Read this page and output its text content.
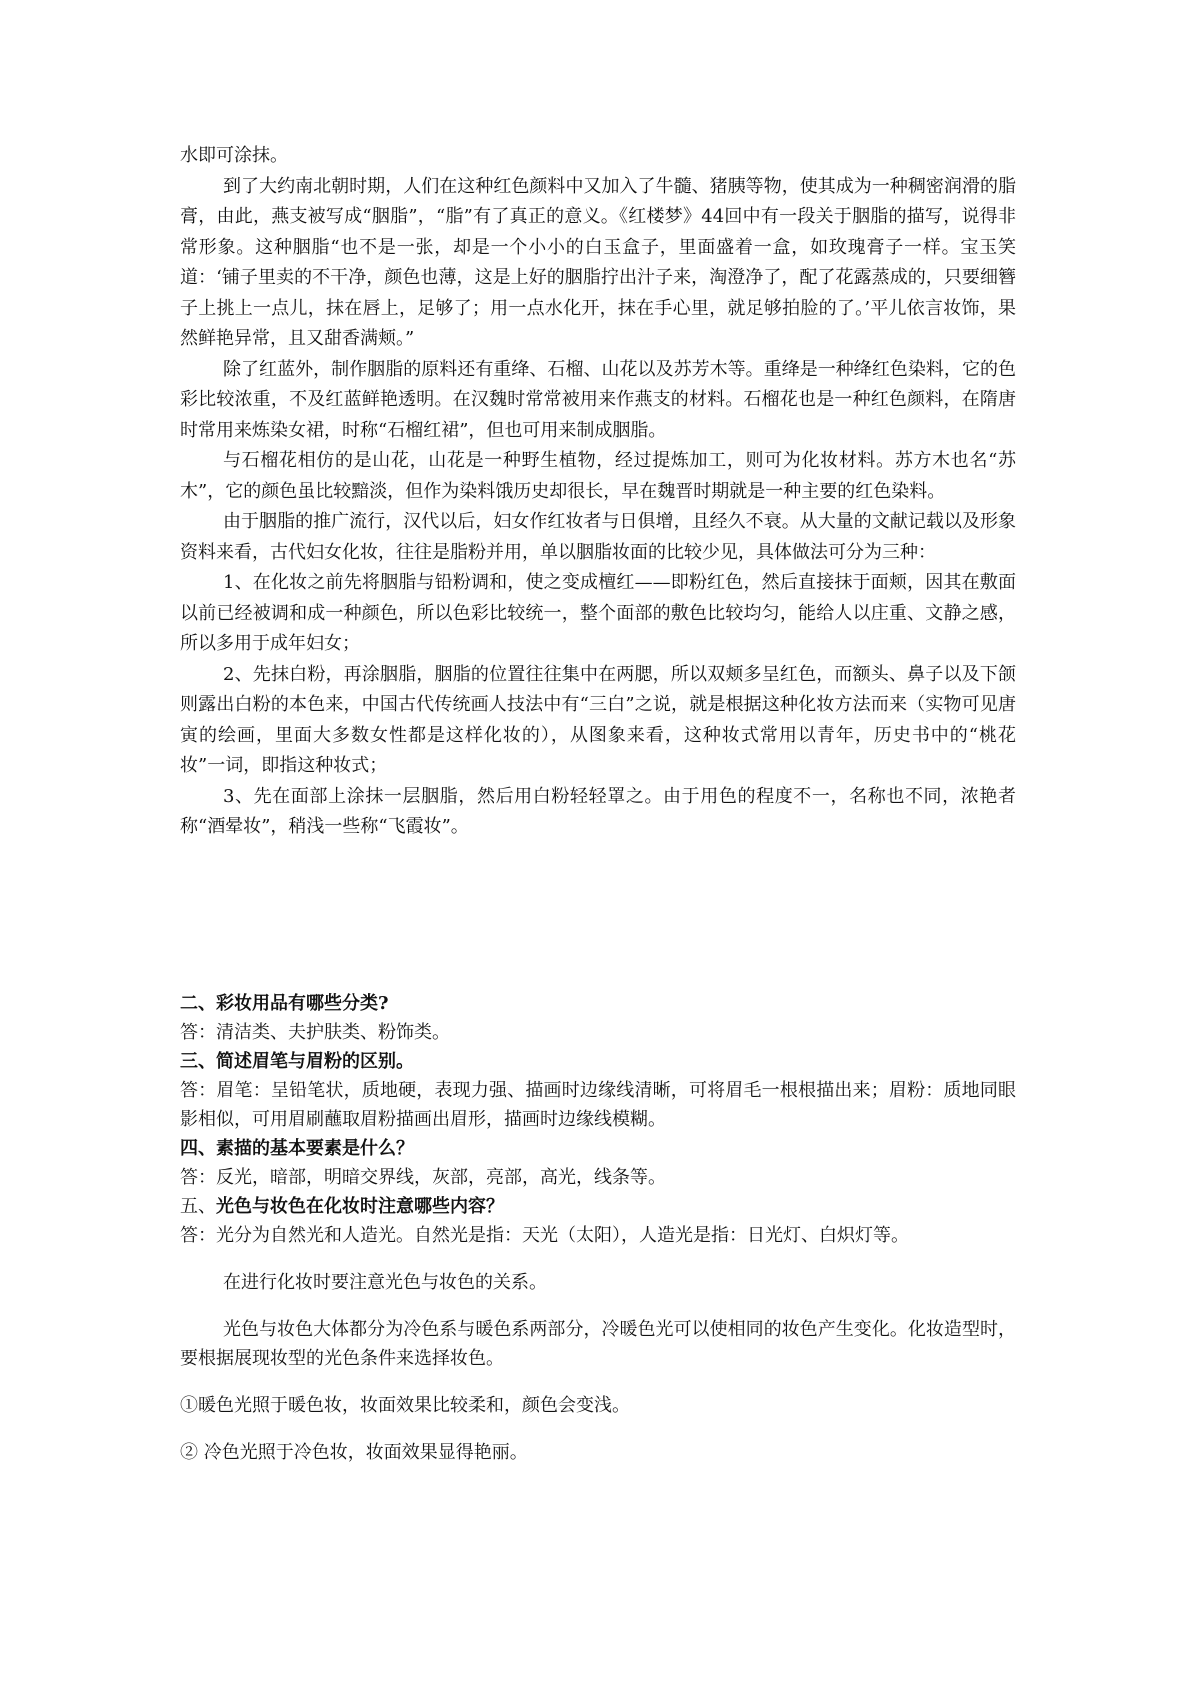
水即可涂抹。

到了大约南北朝时期，人们在这种红色颜料中又加入了牛髓、猪胰等物，使其成为一种稠密润滑的脂膏，由此，燕支被写成“胭脂”，“脂”有了真正的意义。《红楼梦》44回中有一段关于胭脂的描写，说得非常形象。这种胭脂“也不是一张，却是一个小小的白玉盒子，里面盛着一盒，如玫瑰膏子一样。宝玉笑道：‘铺子里卖的不干净，颜色也薄，这是上好的胭脂拧出汁子来，淘澄净了，配了花露蒸成的，只要细簪子上挑上一点儿，抹在唇上，足够了；用一点水化开，抹在手心里，就足够拍脸的了。’平儿依言妆饰，果然鲜艳异常，且又甜香满颊。”

除了红蓝外，制作胭脂的原料还有重绛、石榴、山花以及苏芳木等。重绛是一种绛红色染料，它的色彩比较浓重，不及红蓝鲜艳透明。在汉魏时常常被用来作燕支的材料。石榴花也是一种红色颜料，在隋唐时常用来炼染女裙，时称“石榴红裙”，但也可用来制成胭脂。

与石榴花相仿的是山花，山花是一种野生植物，经过提炼加工，则可为化妆材料。苏方木也名“苏木”，它的颜色虽比较黯淡，但作为染料饿历史却很长，早在魏晋时期就是一种主要的红色染料。

由于胭脂的推广流行，汉代以后，妇女作红妆者与日俱增，且经久不衰。从大量的文献记载以及形象资料来看，古代妇女化妆，往往是脂粉并用，单以胭脂妆面的比较少见，具体做法可分为三种：

1、在化妆之前先将胭脂与铅粉调和，使之变成檀红——即粉红色，然后直接抹于面颊，因其在敷面以前已经被调和成一种颜色，所以色彩比较统一，整个面部的敷色比较均匀，能给人以庄重、文静之感，所以多用于成年妇女；

2、先抹白粉，再涂胭脂，胭脂的位置往往集中在两腮，所以双颊多呈红色，而额头、鼻子以及下颌则露出白粉的本色来，中国古代传统画人技法中有“三白”之说，就是根据这种化妆方法而来（实物可见唐寅的绘画，里面大多数女性都是这样化妆的），从图象来看，这种妆式常用以青年，历史书中的“桃花妆”一词，即指这种妆式；

3、先在面部上涂抹一层胭脂，然后用白粉轻轻罩之。由于用色的程度不一，名称也不同，浓艳者称“酒晕妆”，稍浅一些称“飞霞妆”。

二、彩妆用品有哪些分类?

答：清洁类、夫护肤类、粉饰类。

三、简述眉笔与眉粉的区别。

答：眉笔：呈铅笔状，质地硬，表现力强、描画时边缘线清晰，可将眉毛一根根描出来；眉粉：质地同眼影相似，可用眉刷蘸取眉粉描画出眉形，描画时边缘线模糊。

四、素描的基本要素是什么？

答：反光，暗部，明暗交界线，灰部，亮部，高光，线条等。

五、光色与妆色在化妆时注意哪些内容？

答：光分为自然光和人造光。自然光是指：天光（太阳），人造光是指：日光灯、白炽灯等。

在进行化妆时要注意光色与妆色的关系。

光色与妆色大体都分为冷色系与暖色系两部分，冷暖色光可以使相同的妆色产生变化。化妆造型时，要根据展现妆型的光色条件来选择妆色。

①暖色光照于暖色妆，妆面效果比较柔和，颜色会变浅。

② 冷色光照于冷色妆，妆面效果显得艳丽。
